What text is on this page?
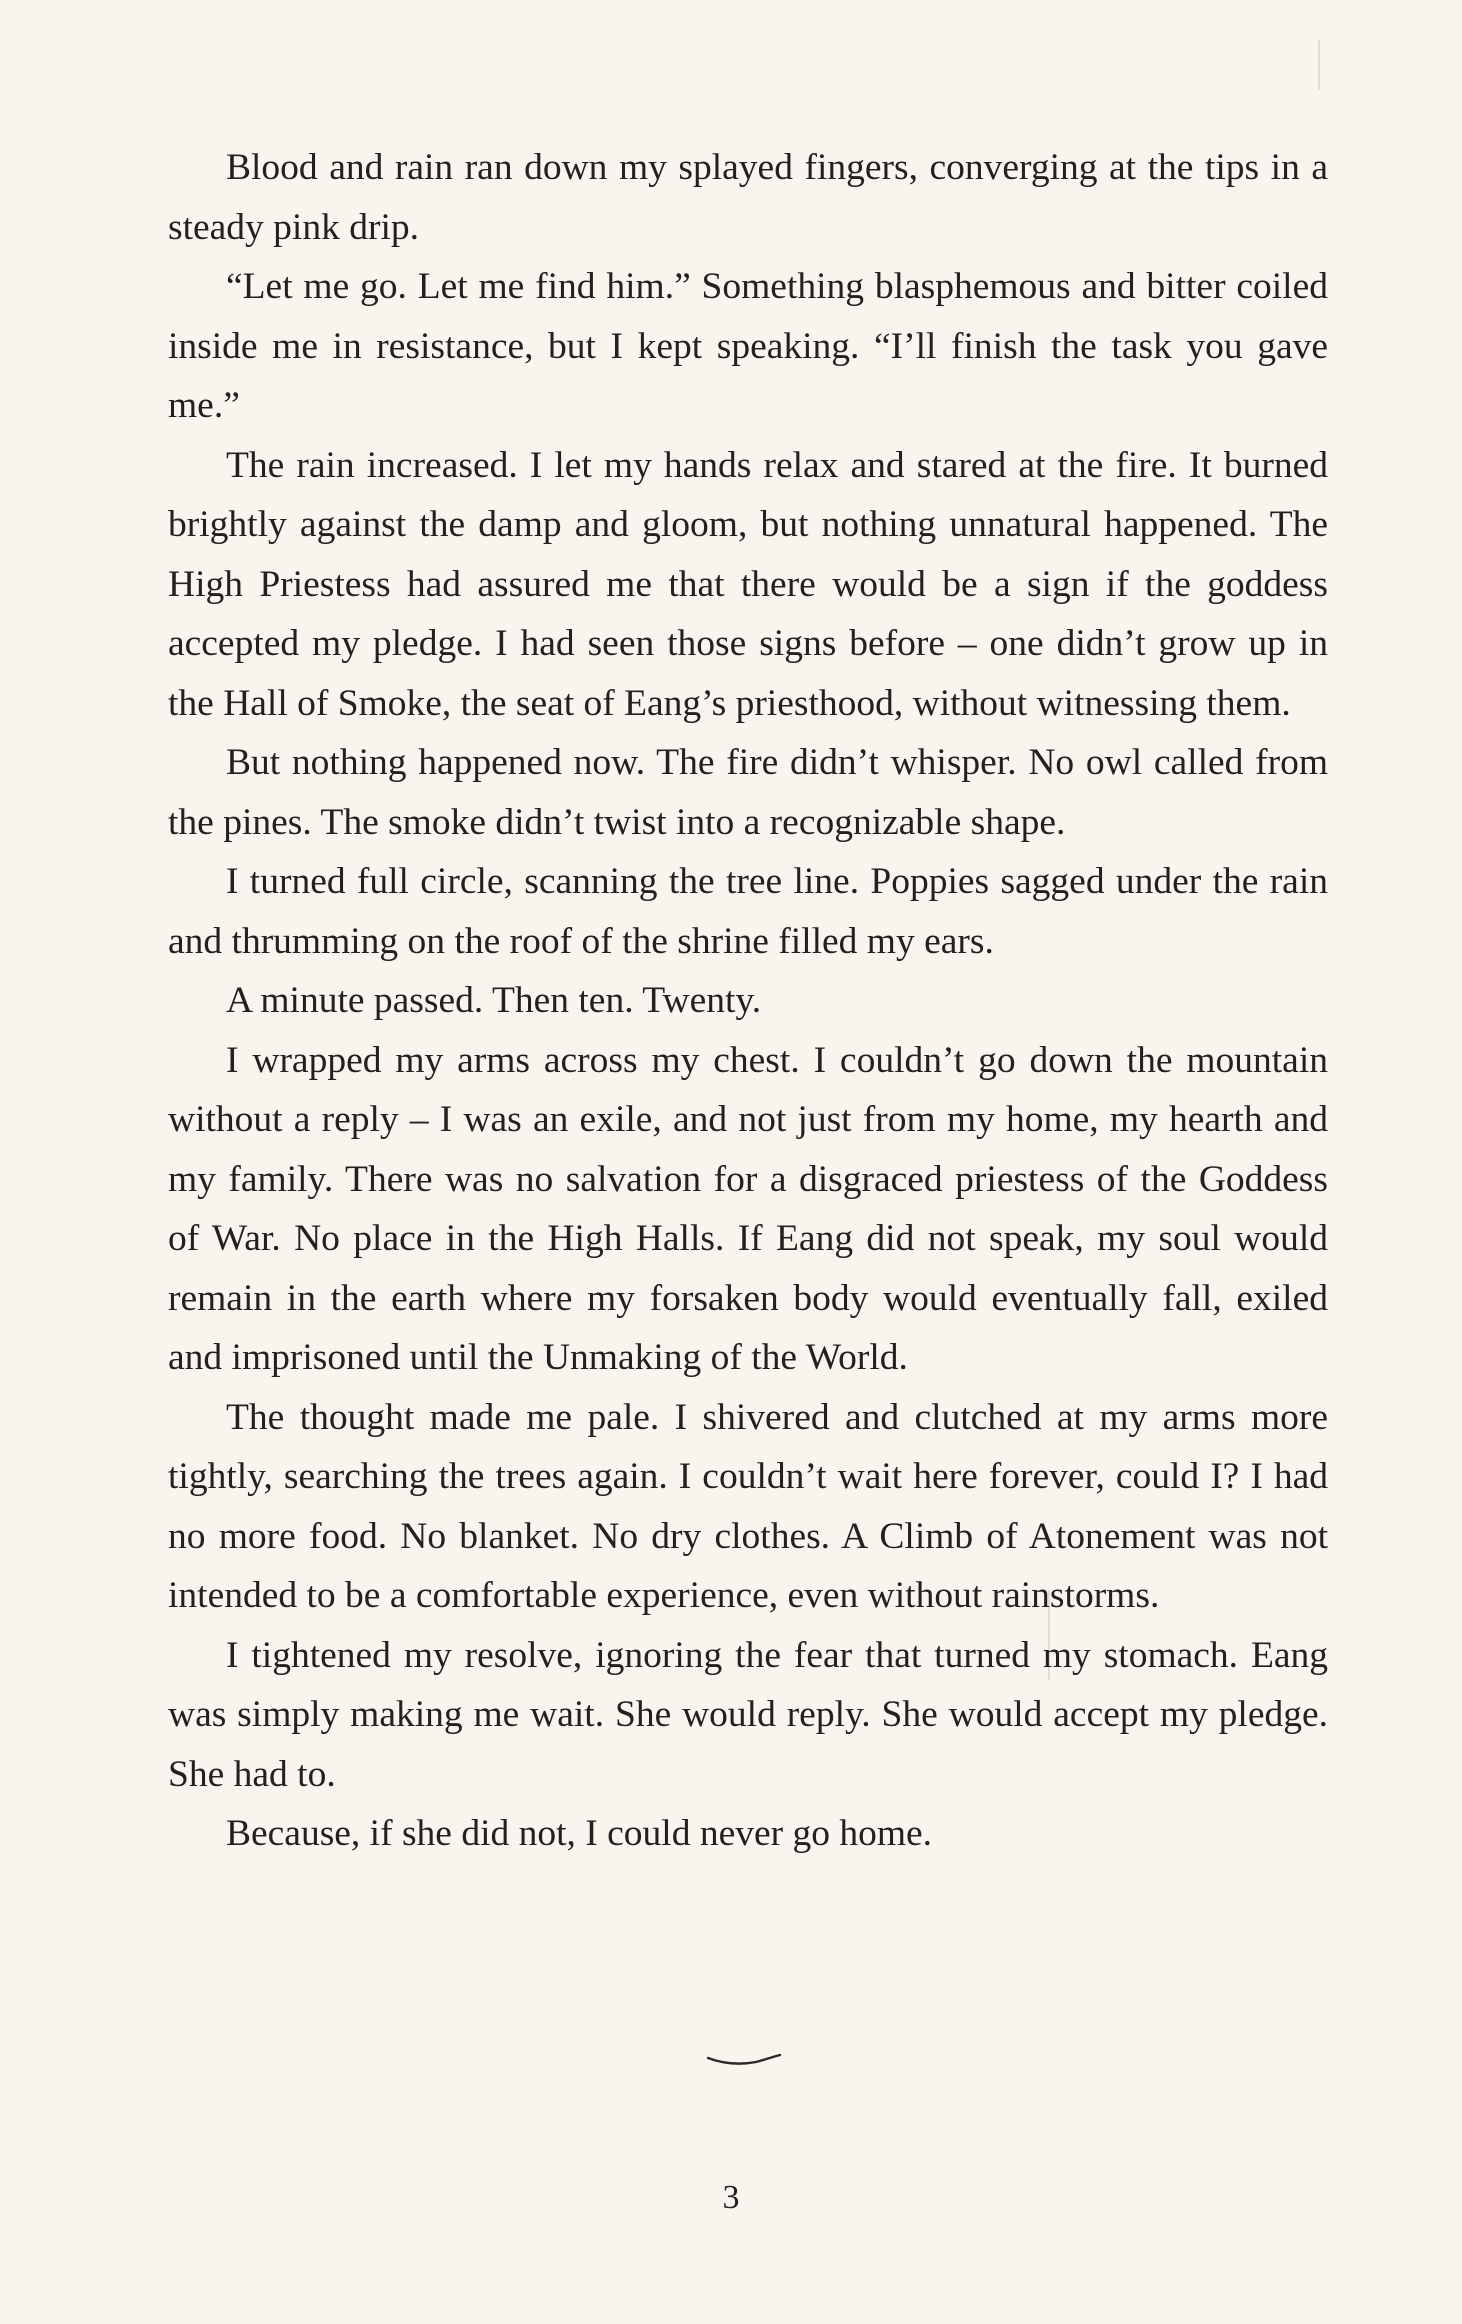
Blood and rain ran down my splayed fingers, converging at the tips in a steady pink drip.

“Let me go. Let me find him.” Something blasphemous and bitter coiled inside me in resistance, but I kept speaking. “I’ll finish the task you gave me.”

The rain increased. I let my hands relax and stared at the fire. It burned brightly against the damp and gloom, but nothing unnatural happened. The High Priestess had assured me that there would be a sign if the goddess accepted my pledge. I had seen those signs before – one didn’t grow up in the Hall of Smoke, the seat of Eang’s priesthood, without witnessing them.

But nothing happened now. The fire didn’t whisper. No owl called from the pines. The smoke didn’t twist into a recognizable shape.

I turned full circle, scanning the tree line. Poppies sagged under the rain and thrumming on the roof of the shrine filled my ears.

A minute passed. Then ten. Twenty.

I wrapped my arms across my chest. I couldn’t go down the mountain without a reply – I was an exile, and not just from my home, my hearth and my family. There was no salvation for a disgraced priestess of the Goddess of War. No place in the High Halls. If Eang did not speak, my soul would remain in the earth where my forsaken body would eventually fall, exiled and imprisoned until the Unmaking of the World.

The thought made me pale. I shivered and clutched at my arms more tightly, searching the trees again. I couldn’t wait here forever, could I? I had no more food. No blanket. No dry clothes. A Climb of Atonement was not intended to be a comfortable experience, even without rainstorms.

I tightened my resolve, ignoring the fear that turned my stomach. Eang was simply making me wait. She would reply. She would accept my pledge. She had to.

Because, if she did not, I could never go home.

3
